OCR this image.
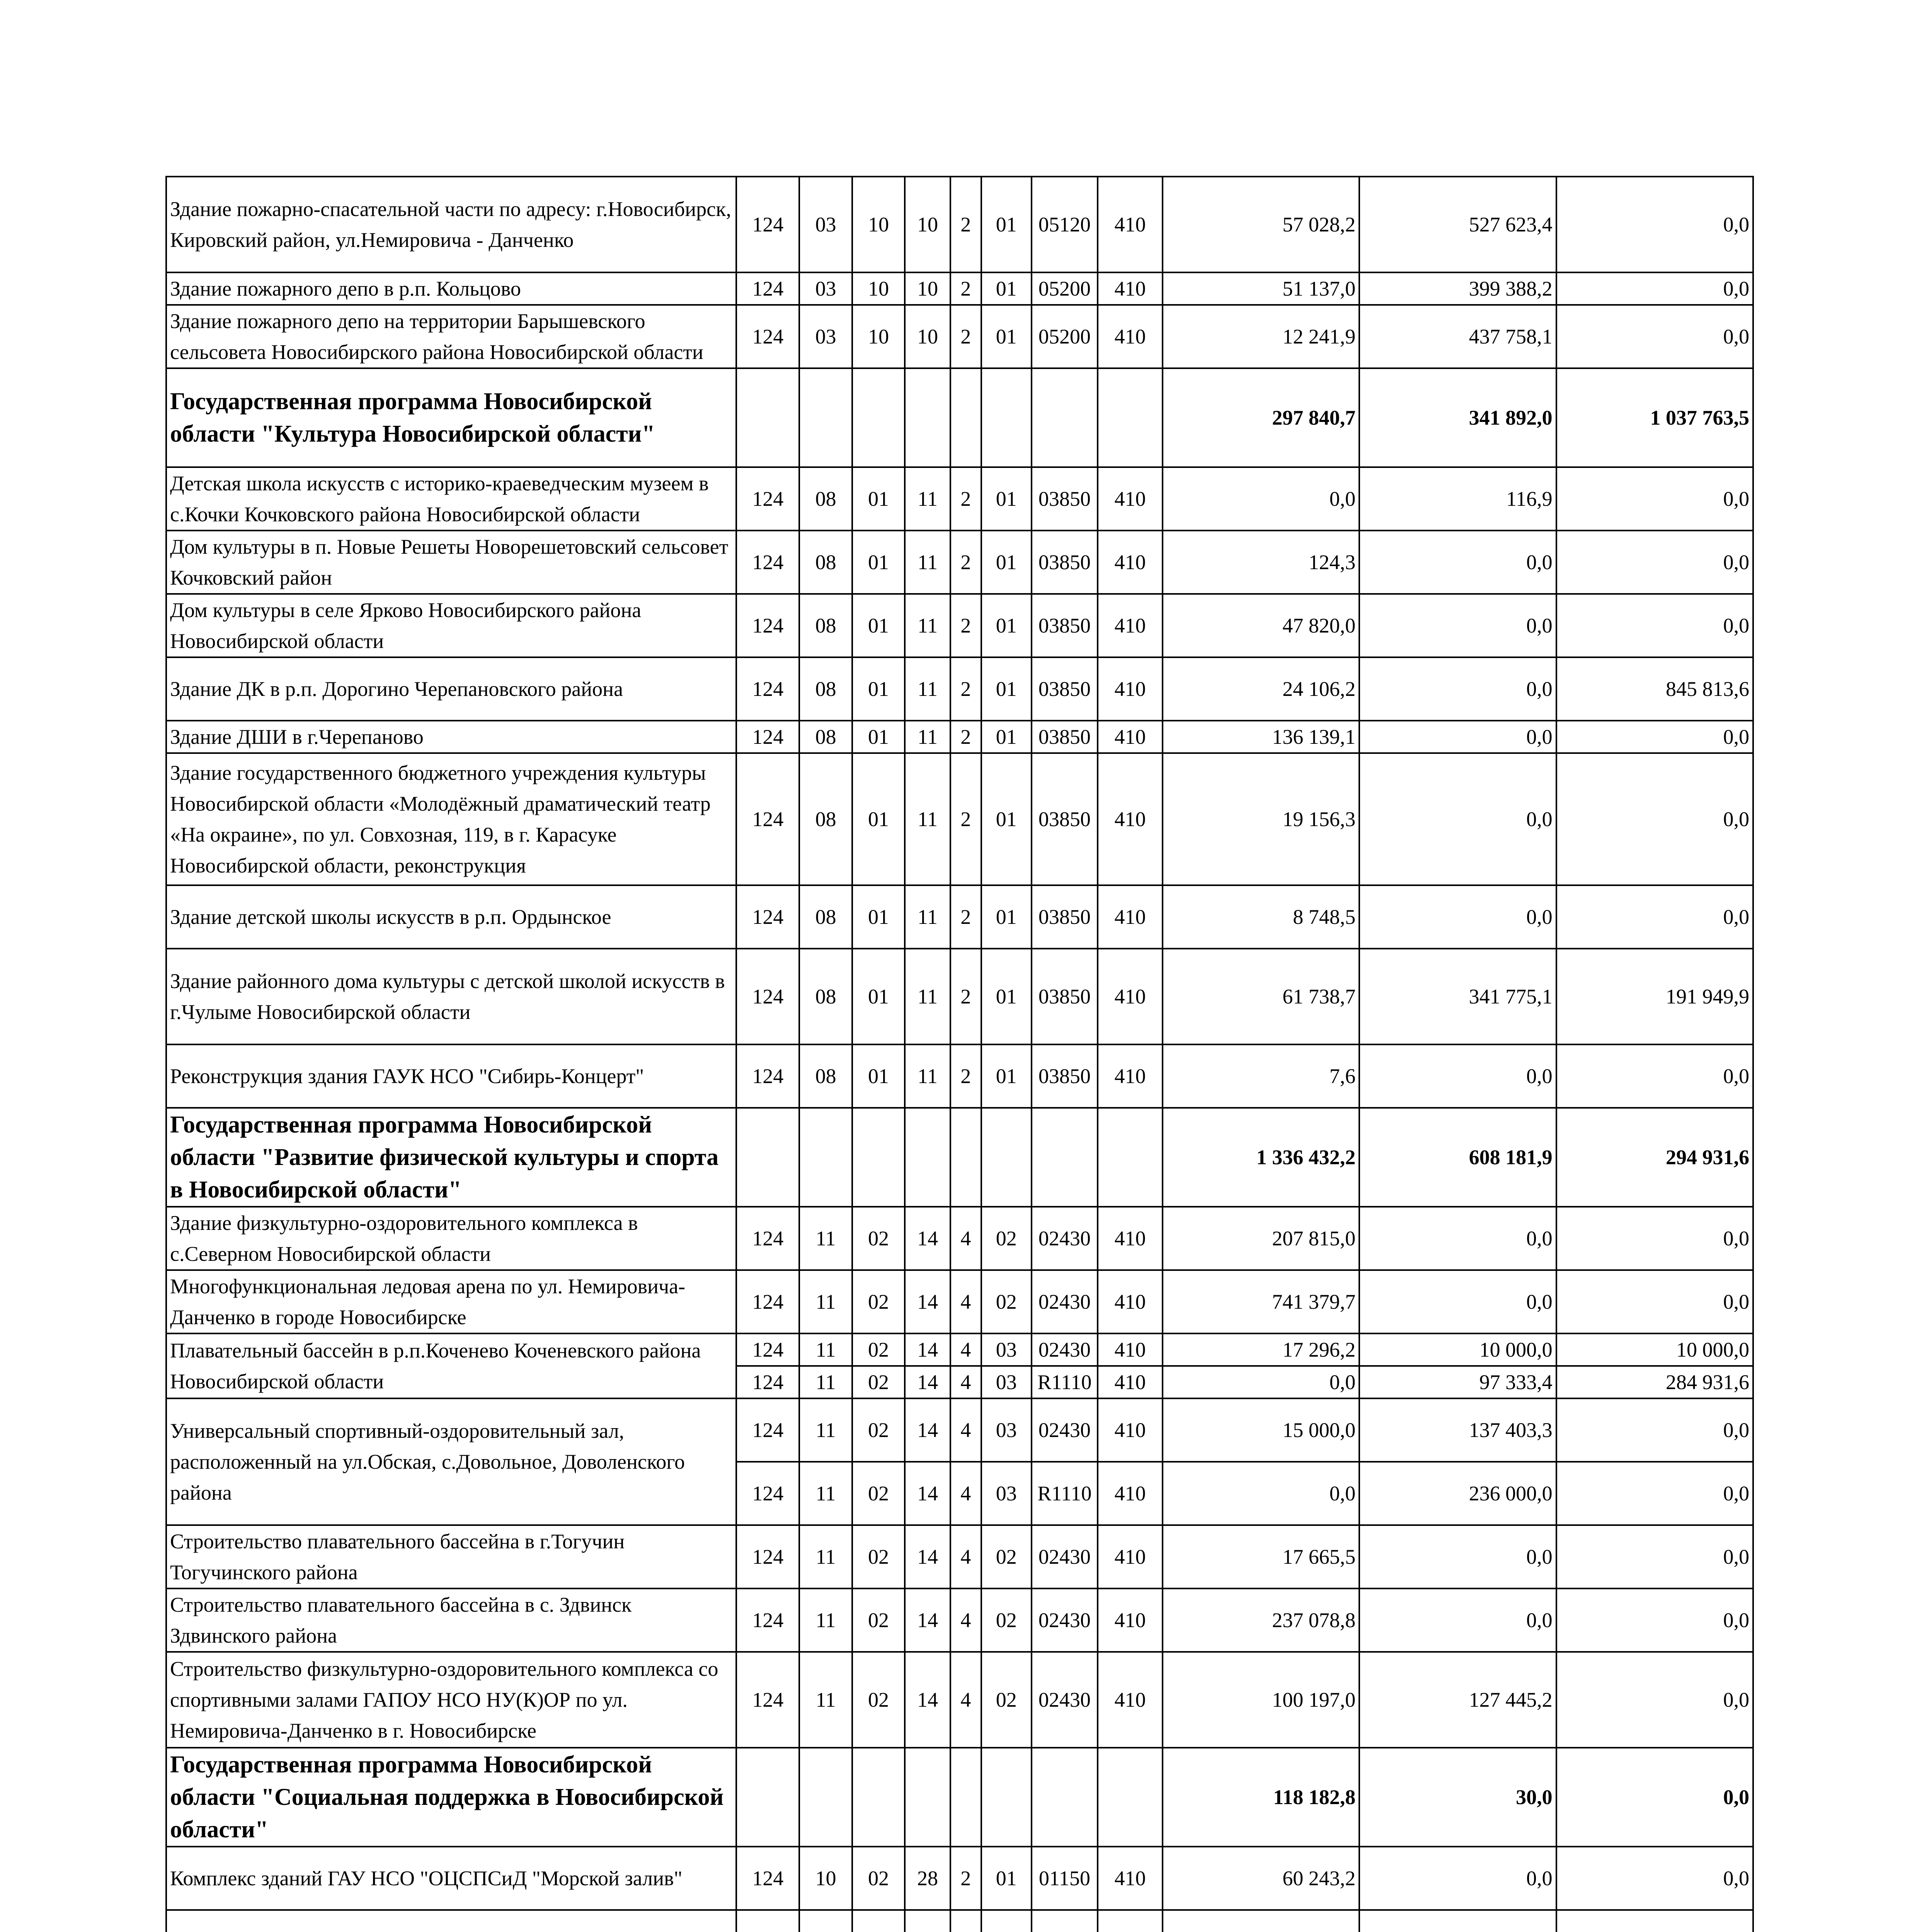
Здание пожарно-спасательной части по адресу: г.Новосибирск, Кировский район, ул.Немировича - Данченко	124	03	10	10	2	01	05120	410	57 028,2	527 623,4	0,0
Здание пожарного депо в р.п. Кольцово	124	03	10	10	2	01	05200	410	51 137,0	399 388,2	0,0
Здание пожарного депо на территории Барышевского сельсовета Новосибирского района Новосибирской области	124	03	10	10	2	01	05200	410	12 241,9	437 758,1	0,0
Государственная программа Новосибирской области "Культура Новосибирской области"									297 840,7	341 892,0	1 037 763,5
Детская школа искусств с историко-краеведческим музеем в с.Кочки Кочковского района Новосибирской области	124	08	01	11	2	01	03850	410	0,0	116,9	0,0
Дом культуры в п. Новые Решеты Новорешетовский сельсовет Кочковский район	124	08	01	11	2	01	03850	410	124,3	0,0	0,0
Дом культуры в селе Ярково Новосибирского района Новосибирской области	124	08	01	11	2	01	03850	410	47 820,0	0,0	0,0
Здание ДК в р.п. Дорогино Черепановского района	124	08	01	11	2	01	03850	410	24 106,2	0,0	845 813,6
Здание ДШИ в г.Черепаново	124	08	01	11	2	01	03850	410	136 139,1	0,0	0,0
Здание государственного бюджетного учреждения культуры Новосибирской области «Молодёжный драматический театр «На окраине», по ул. Совхозная, 119, в г. Карасуке Новосибирской области, реконструкция	124	08	01	11	2	01	03850	410	19 156,3	0,0	0,0
Здание детской школы искусств в р.п. Ордынское	124	08	01	11	2	01	03850	410	8 748,5	0,0	0,0
Здание районного дома культуры с детской школой искусств в г.Чулыме Новосибирской области	124	08	01	11	2	01	03850	410	61 738,7	341 775,1	191 949,9
Реконструкция здания ГАУК НСО "Сибирь-Концерт"	124	08	01	11	2	01	03850	410	7,6	0,0	0,0
Государственная программа Новосибирской области "Развитие физической культуры и спорта в Новосибирской области"									1 336 432,2	608 181,9	294 931,6
Здание физкультурно-оздоровительного комплекса в с.Северном Новосибирской области	124	11	02	14	4	02	02430	410	207 815,0	0,0	0,0
Многофункциональная ледовая арена по ул. Немировича-Данченко в городе Новосибирске	124	11	02	14	4	02	02430	410	741 379,7	0,0	0,0
Плавательный бассейн в р.п.Коченево Коченевского района Новосибирской области	124	11	02	14	4	03	02430	410	17 296,2	10 000,0	10 000,0
	124	11	02	14	4	03	R1110	410	0,0	97 333,4	284 931,6
Универсальный спортивный-оздоровительный зал, расположенный на ул.Обская, с.Довольное, Доволенского района	124	11	02	14	4	03	02430	410	15 000,0	137 403,3	0,0
	124	11	02	14	4	03	R1110	410	0,0	236 000,0	0,0
Строительство плавательного бассейна в г.Тогучин Тогучинского района	124	11	02	14	4	02	02430	410	17 665,5	0,0	0,0
Строительство плавательного бассейна в с. Здвинск Здвинского района	124	11	02	14	4	02	02430	410	237 078,8	0,0	0,0
Строительство физкультурно-оздоровительного комплекса со спортивными залами ГАПОУ НСО НУ(К)ОР по ул. Немировича-Данченко в г. Новосибирске	124	11	02	14	4	02	02430	410	100 197,0	127 445,2	0,0
Государственная программа Новосибирской области "Социальная поддержка в Новосибирской области"									118 182,8	30,0	0,0
Комплекс зданий ГАУ НСО "ОЦСПСиД "Морской залив"	124	10	02	28	2	01	01150	410	60 243,2	0,0	0,0
